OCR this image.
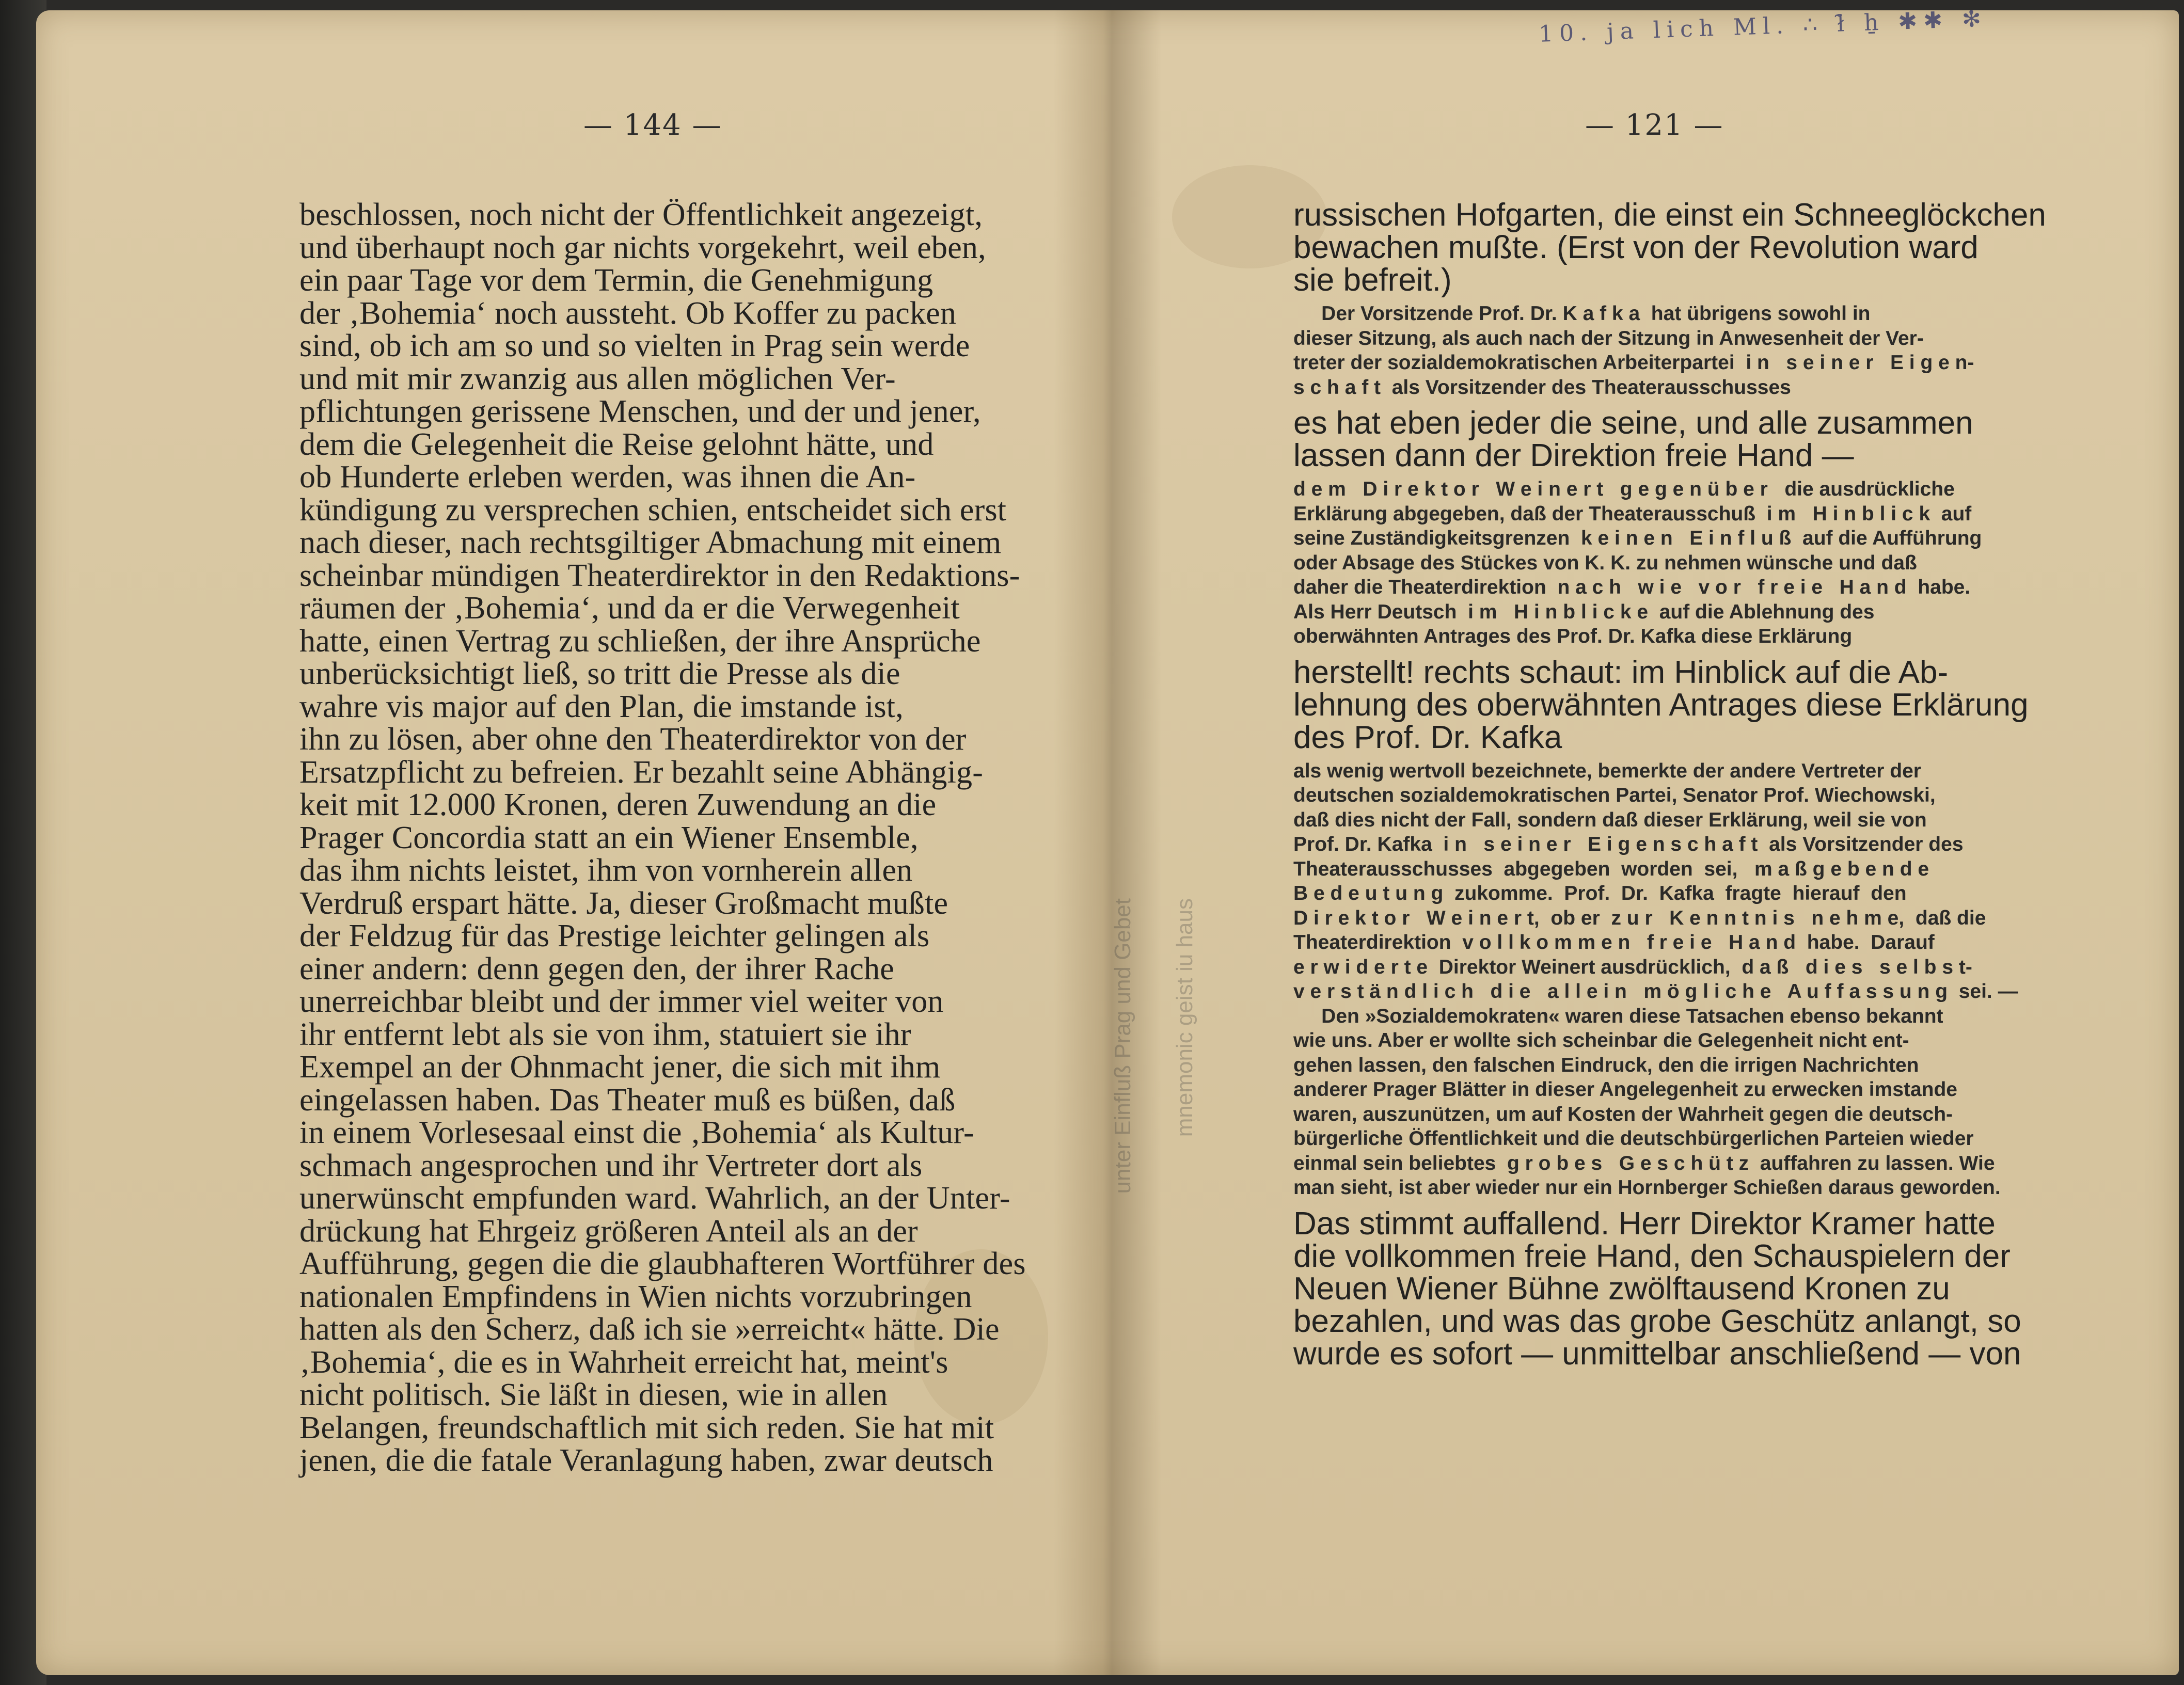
— 144 —

beschlossen, noch nicht der Öffentlichkeit angezeigt,

und überhaupt noch gar nichts vorgekehrt, weil eben,

ein paar Tage vor dem Termin, die Genehmigung

der ‚Bohemia‘ noch aussteht. Ob Koffer zu packen

sind, ob ich am so und so vielten in Prag sein werde

und mit mir zwanzig aus allen möglichen Ver-

pflichtungen gerissene Menschen, und der und jener,

dem die Gelegenheit die Reise gelohnt hätte, und

ob Hunderte erleben werden, was ihnen die An-

kündigung zu versprechen schien, entscheidet sich erst

nach dieser, nach rechtsgiltiger Abmachung mit einem

scheinbar mündigen Theaterdirektor in den Redaktions-

räumen der ‚Bohemia‘, und da er die Verwegenheit

hatte, einen Vertrag zu schließen, der ihre Ansprüche

unberücksichtigt ließ, so tritt die Presse als die

wahre vis major auf den Plan, die imstande ist,

ihn zu lösen, aber ohne den Theaterdirektor von der

Ersatzpflicht zu befreien. Er bezahlt seine Abhängig-

keit mit 12.000 Kronen, deren Zuwendung an die

Prager Concordia statt an ein Wiener Ensemble,

das ihm nichts leistet, ihm von vornherein allen

Verdruß erspart hätte. Ja, dieser Großmacht mußte

der Feldzug für das Prestige leichter gelingen als

einer andern: denn gegen den, der ihrer Rache

unerreichbar bleibt und der immer viel weiter von

ihr entfernt lebt als sie von ihm, statuiert sie ihr

Exempel an der Ohnmacht jener, die sich mit ihm

eingelassen haben. Das Theater muß es büßen, daß

in einem Vorlesesaal einst die ‚Bohemia‘ als Kultur-

schmach angesprochen und ihr Vertreter dort als

unerwünscht empfunden ward. Wahrlich, an der Unter-

drückung hat Ehrgeiz größeren Anteil als an der

Aufführung, gegen die die glaubhafteren Wortführer des

nationalen Empfindens in Wien nichts vorzubringen

hatten als den Scherz, daß ich sie »erreicht« hätte. Die

‚Bohemia‘, die es in Wahrheit erreicht hat, meint's

nicht politisch. Sie läßt in diesen, wie in allen

Belangen, freundschaftlich mit sich reden. Sie hat mit

jenen, die die fatale Veranlagung haben, zwar deutsch

— 121 —

russischen Hofgarten, die einst ein Schneeglöckchen

bewachen mußte. (Erst von der Revolution ward

sie befreit.)

Der Vorsitzende Prof. Dr. K a f k a  hat übrigens sowohl in

dieser Sitzung, als auch nach der Sitzung in Anwesenheit der Ver-

treter der sozialdemokratischen Arbeiterpartei  i n   s e i n e r   E i g e n-

s c h a f t  als Vorsitzender des Theaterausschusses

es hat eben jeder die seine, und alle zusammen

lassen dann der Direktion freie Hand —

d e m   D i r e k t o r   W e i n e r t   g e g e n ü b e r   die ausdrückliche

Erklärung abgegeben, daß der Theaterausschuß  i m   H i n b l i c k  auf

seine Zuständigkeitsgrenzen  k e i n e n   E i n f l u ß  auf die Aufführung

oder Absage des Stückes von K. K. zu nehmen wünsche und daß

daher die Theaterdirektion  n a c h   w i e   v o r   f r e i e   H a n d  habe.

Als Herr Deutsch  i m   H i n b l i c k e  auf die Ablehnung des

oberwähnten Antrages des Prof. Dr. Kafka diese Erklärung

herstellt! rechts schaut: im Hinblick auf die Ab-

lehnung des oberwähnten Antrages diese Erklärung

des Prof. Dr. Kafka

als wenig wertvoll bezeichnete, bemerkte der andere Vertreter der

deutschen sozialdemokratischen Partei, Senator Prof. Wiechowski,

daß dies nicht der Fall, sondern daß dieser Erklärung, weil sie von

Prof. Dr. Kafka  i n   s e i n e r   E i g e n s c h a f t  als Vorsitzender des

Theaterausschusses  abgegeben  worden  sei,   m a ß g e b e n d e

B e d e u t u n g  zukomme.  Prof.  Dr.  Kafka  fragte  hierauf  den

D i r e k t o r   W e i n e r t,  ob er  z u r   K e n n t n i s   n e h m e,  daß die

Theaterdirektion  v o l l k o m m e n   f r e i e   H a n d  habe.  Darauf

e r w i d e r t e  Direktor Weinert ausdrücklich,  d a ß   d i e s   s e l b s t-

v e r s t ä n d l i c h   d i e   a l l e i n   m ö g l i c h e   A u f f a s s u n g  sei. —

Den »Sozialdemokraten« waren diese Tatsachen ebenso bekannt

wie uns. Aber er wollte sich scheinbar die Gelegenheit nicht ent-

gehen lassen, den falschen Eindruck, den die irrigen Nachrichten

anderer Prager Blätter in dieser Angelegenheit zu erwecken imstande

waren, auszunützen, um auf Kosten der Wahrheit gegen die deutsch-

bürgerliche Öffentlichkeit und die deutschbürgerlichen Parteien wieder

einmal sein beliebtes  g r o b e s   G e s c h ü t z  auffahren zu lassen. Wie

man sieht, ist aber wieder nur ein Hornberger Schießen daraus geworden.

Das stimmt auffallend. Herr Direktor Kramer hatte

die vollkommen freie Hand, den Schauspielern der

Neuen Wiener Bühne zwölftausend Kronen zu

bezahlen, und was das grobe Geschütz anlangt, so

wurde es sofort — unmittelbar anschließend — von

10. ja lich Ml. ∴ ł̃ ẖ ✱✱ ✻
unter Einfluß Prag und Gebet mnemonic geist iu haus
